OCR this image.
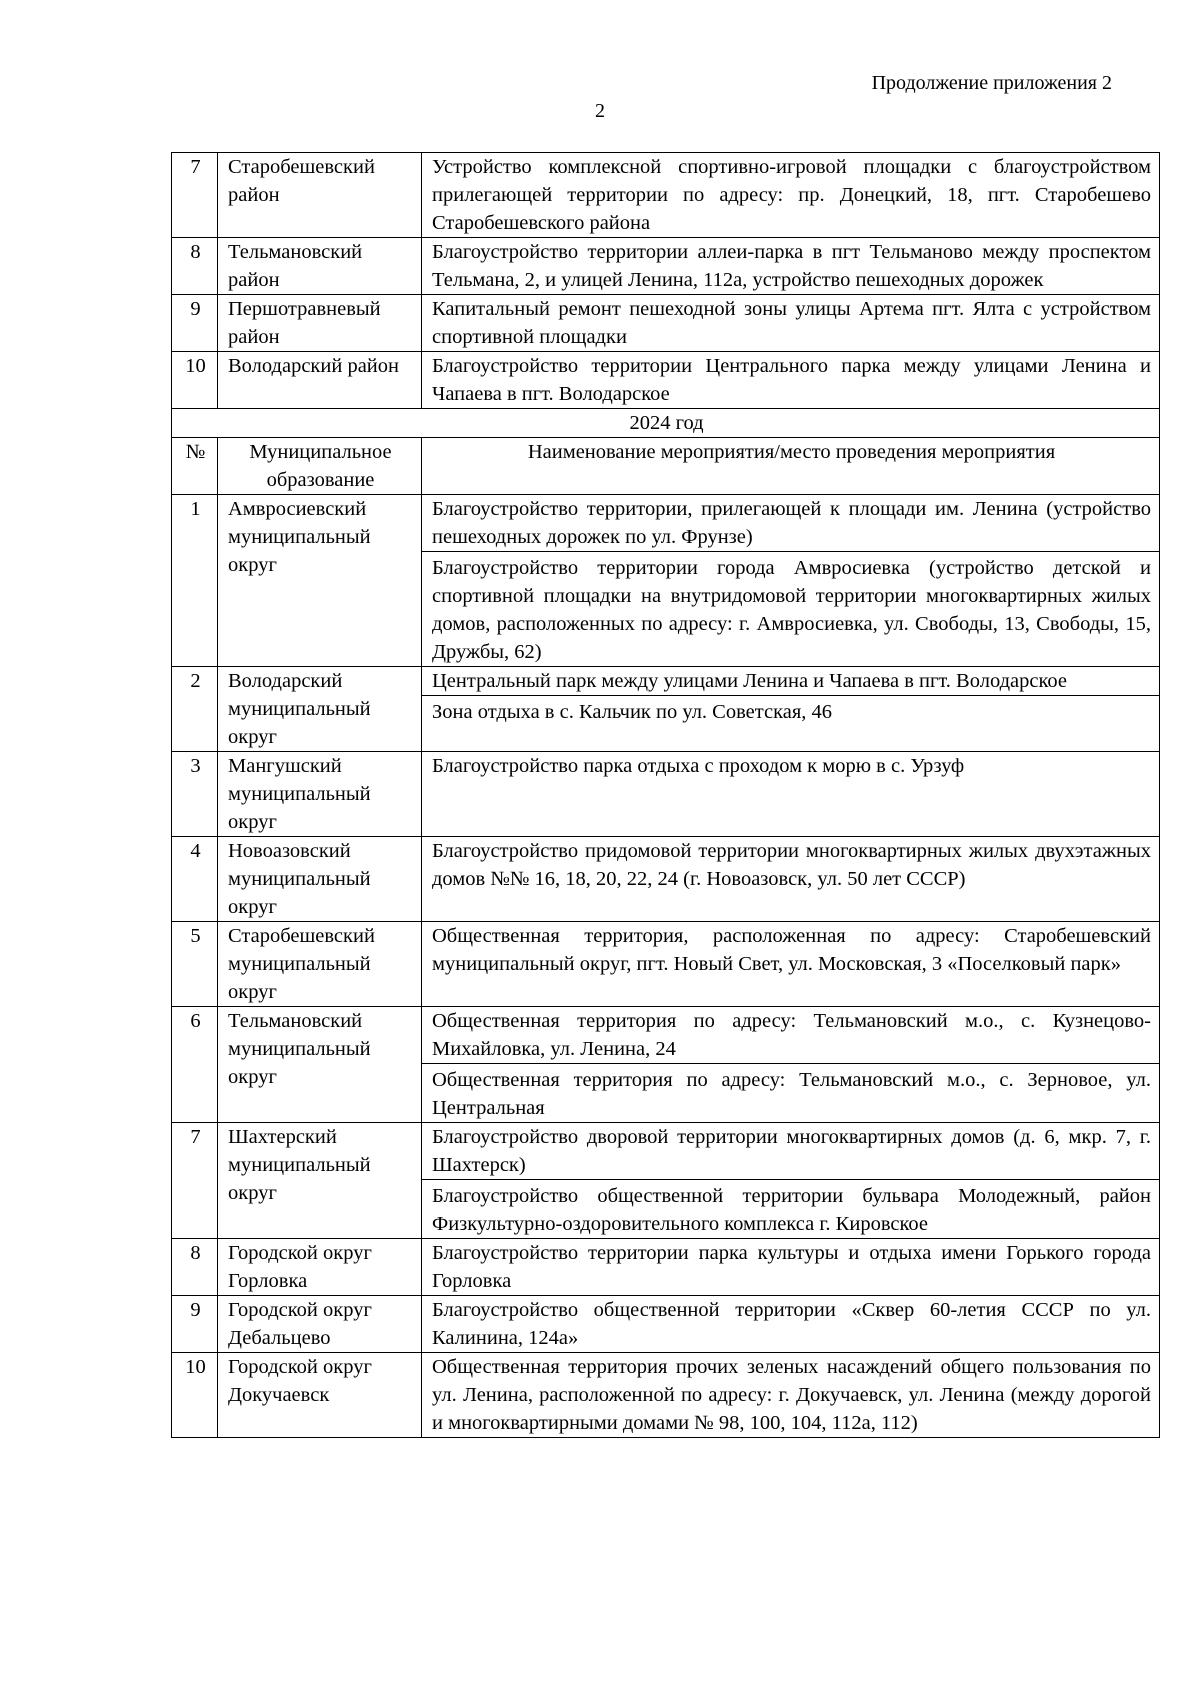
Продолжение приложения 2
2
7	Старобешевский район	Устройство комплексной спортивно-игровой площадки с благоустройством прилегающей территории по адресу: пр. Донецкий, 18, пгт. Старобешево Старобешевского района

8	Тельмановский район	Благоустройство территории аллеи-парка в пгт Тельманово между проспектом Тельмана, 2, и улицей Ленина, 112а, устройство пешеходных дорожек

9	Першотравневый район	Капитальный ремонт пешеходной зоны улицы Артема пгт. Ялта с устройством спортивной площадки

10	Володарский район	Благоустройство территории Центрального парка между улицами Ленина и Чапаева в пгт. Володарское

2024 год		
№	Муниципальное образование	Наименование мероприятия/место проведения мероприятия
1	Амвросиевский муниципальный округ	Благоустройство территории, прилегающей к площади им. Ленина (устройство пешеходных дорожек по ул. Фрунзе)
Благоустройство территории города Амвросиевка (устройство детской и спортивной площадки на внутридомовой территории многоквартирных жилых домов, расположенных по адресу: г. Амвросиевка, ул. Свободы, 13, Свободы, 15, Дружбы, 62)

2	Володарский муниципальный округ	Центральный парк между улицами Ленина и Чапаева в пгт. Володарское
Зона отдыха в с. Кальчик по ул. Советская, 46

3	Мангушский муниципальный округ	Благоустройство парка отдыха с проходом к морю в с. Урзуф

4	Новоазовский муниципальный округ	Благоустройство придомовой территории многоквартирных жилых двухэтажных домов №№ 16, 18, 20, 22, 24 (г. Новоазовск, ул. 50 лет СССР)

5	Старобешевский муниципальный округ	Общественная территория, расположенная по адресу: Старобешевский муниципальный округ, пгт. Новый Свет, ул. Московская, 3 «Поселковый парк»

6	Тельмановский муниципальный округ	Общественная территория по адресу: Тельмановский м.о., с. Кузнецово-Михайловка, ул. Ленина, 24
Общественная территория по адресу: Тельмановский м.о., с. Зерновое, ул. Центральная

7	Шахтерский муниципальный округ	Благоустройство дворовой территории многоквартирных домов (д. 6, мкр. 7, г. Шахтерск)
Благоустройство общественной территории бульвара Молодежный, район Физкультурно-оздоровительного комплекса г. Кировское

8	Городской округ Горловка	Благоустройство территории парка культуры и отдыха имени Горького города Горловка

9	Городской округ Дебальцево	Благоустройство общественной территории «Сквер 60-летия СССР по ул. Калинина, 124а»

10	Городской округ Докучаевск	Общественная территория прочих зеленых насаждений общего пользования по ул. Ленина, расположенной по адресу: г. Докучаевск, ул. Ленина (между дорогой и многоквартирными домами № 98, 100, 104, 112а, 112)
